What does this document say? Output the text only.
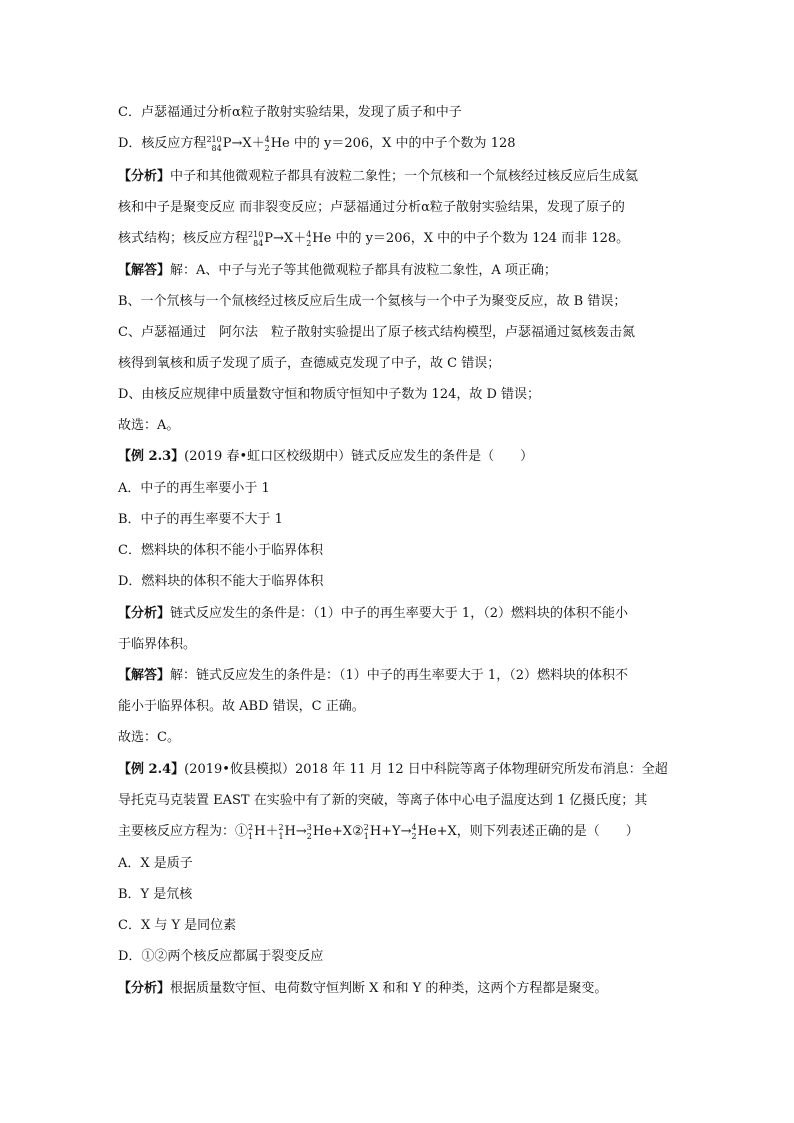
C．卢瑟福通过分析α粒子散射实验结果，发现了质子和中子
D．核反应方程 210
84 P→X＋ 4
2 He 中的 y＝206，X 中的中子个数为 128
【分析】中子和其他微观粒子都具有波粒二象性；一个氘核和一个氚核经过核反应后生成氦
核和中子是聚变反应 而非裂变反应；卢瑟福通过分析α粒子散射实验结果，发现了原子的
核式结构；核反应方程 210
84 P→X＋ 4
2 He 中的 y＝206，X 中的中子个数为 124 而非 128。
【解答】解：A、中子与光子等其他微观粒子都具有波粒二象性，A 项正确；
B、一个氘核与一个氚核经过核反应后生成一个氦核与一个中子为聚变反应，故 B 错误；
C、卢瑟福通过　阿尔法　粒子散射实验提出了原子核式结构模型，卢瑟福通过氦核轰击氮
核得到氧核和质子发现了质子，查德威克发现了中子，故 C 错误；
D、由核反应规律中质量数守恒和物质守恒知中子数为 124，故 D 错误；
故选：A。
【例 2.3】(2019 春•虹口区校级期中）链式反应发生的条件是（　　）
A．中子的再生率要小于 1
B．中子的再生率要不大于 1
C．燃料块的体积不能小于临界体积
D．燃料块的体积不能大于临界体积
【分析】链式反应发生的条件是：（1）中子的再生率要大于 1，（2）燃料块的体积不能小
于临界体积。
【解答】解：链式反应发生的条件是：（1）中子的再生率要大于 1，（2）燃料块的体积不
能小于临界体积。故 ABD 错误，C 正确。
故选：C。
【例 2.4】(2019•攸县模拟）2018 年 11 月 12 日中科院等离子体物理研究所发布消息：全超
导托克马克装置 EAST 在实验中有了新的突破，等离子体中心电子温度达到 1 亿摄氏度；其
主要核反应方程为：① 2
1 H＋ 2
1 H→ 3
2 He+X② 2
1 H+Y→ 4
2 He+X，则下列表述正确的是（　　）
A．X 是质子
B．Y 是氘核
C．X 与 Y 是同位素
D．①②两个核反应都属于裂变反应
【分析】根据质量数守恒、电荷数守恒判断 X 和和 Y 的种类，这两个方程都是聚变。
